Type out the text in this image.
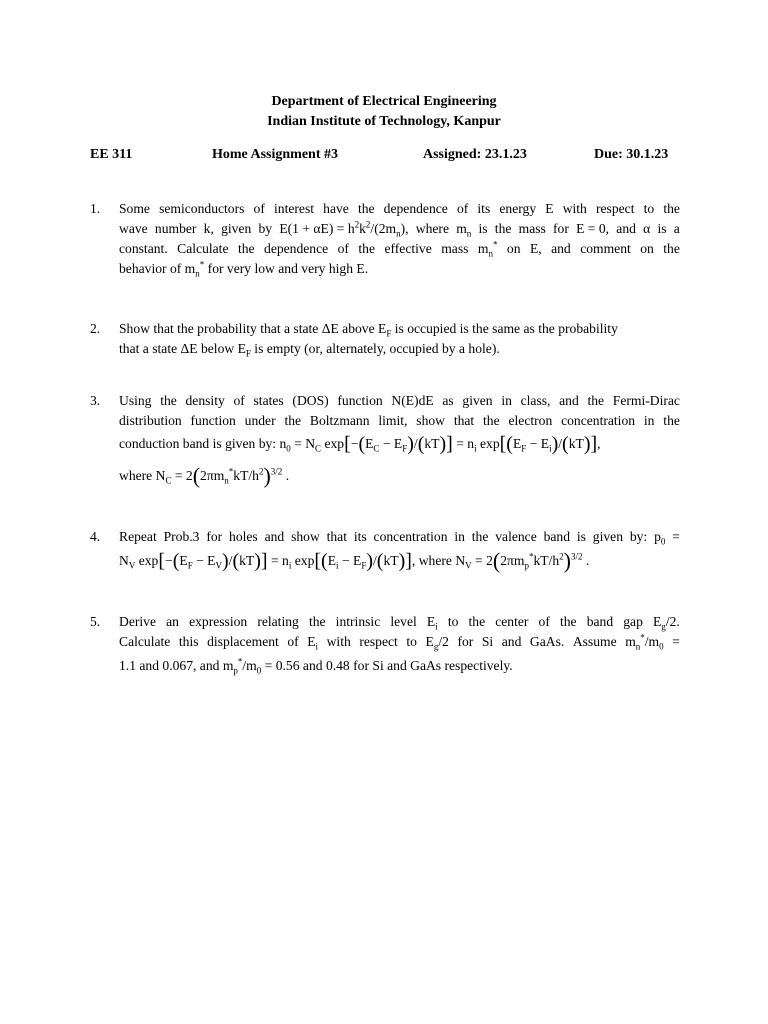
Department of Electrical Engineering
Indian Institute of Technology, Kanpur
EE 311	Home Assignment #3	Assigned: 23.1.23	Due: 30.1.23
1. Some semiconductors of interest have the dependence of its energy E with respect to the
wave number k, given by $E(1 + \alpha E) = h^2k^2/(2m_n)$, where $m_n$ is the mass for E = 0, and α is a
constant. Calculate the dependence of the effective mass $m_n^*$ on E, and comment on the
behavior of $m_n^*$ for very low and very high E.
2. Show that the probability that a state ΔE above $E_F$ is occupied is the same as the probability
that a state ΔE below $E_F$ is empty (or, alternately, occupied by a hole).
3. Using the density of states (DOS) function N(E)dE as given in class, and the Fermi-Dirac
distribution function under the Boltzmann limit, show that the electron concentration in the
conduction band is given by: $n_0 = N_C$ $\exp[-(E_C - E_F)/(kT)] = n_i$ $\exp[(E_F - E_i)/(kT)]$,
where $N_C = 2(2\pi m_n^*kT/h^2)^{3/2}$ .
4. Repeat Prob.3 for holes and show that its concentration in the valence band is given by: $p_0$ =
$N_V$ $\exp[-(E_F - E_V)/(kT)] = n_i$ $\exp[(E_i - E_F)/(kT)]$, where $N_V = 2(2\pi m_p^*kT/h^2)^{3/2}$ .
5. Derive an expression relating the intrinsic level $E_i$ to the center of the band gap $E_g/2$.
Calculate this displacement of $E_i$ with respect to $E_g/2$ for Si and GaAs. Assume $m_n^*/m_0$ =
1.1 and 0.067, and $m_p^*/m_0 = 0.56$ and 0.48 for Si and GaAs respectively.
